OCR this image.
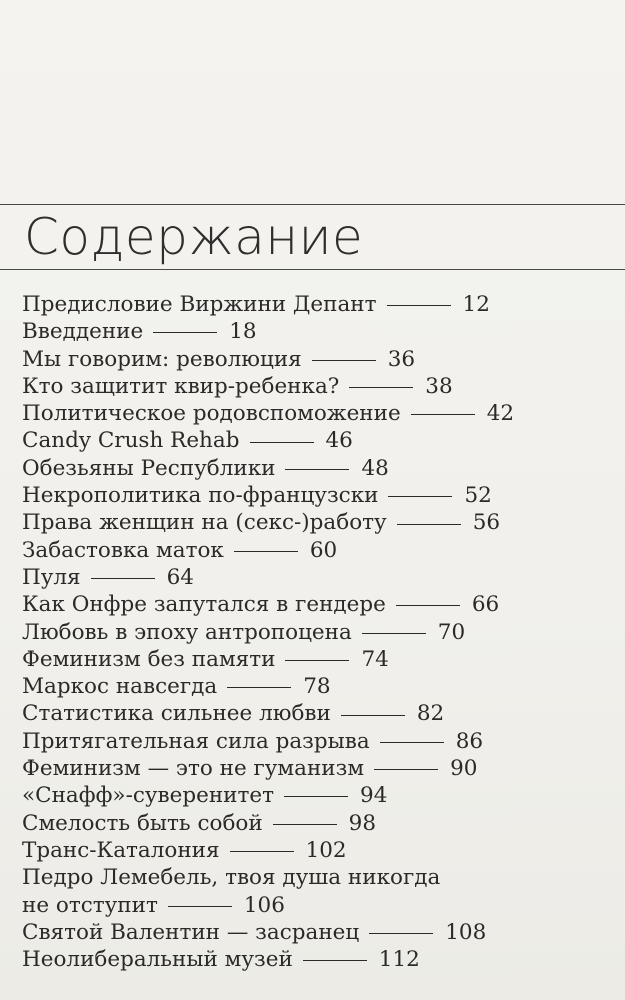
Содержание
Предисловие Виржини Депант	12
Введдение	18
Мы говорим: революция	36
Кто защитит квир-ребенка?	38
Политическое родовспоможение	42
Candy Crush Rehab	46
Обезьяны Республики	48
Некрополитика по-французски	52
Права женщин на (секс-)работу	56
Забастовка маток	60
Пуля	64
Как Онфре запутался в гендере	66
Любовь в эпоху антропоцена	70
Феминизм без памяти	74
Маркос навсегда	78
Статистика сильнее любви	82
Притягательная сила разрыва	86
Феминизм — это не гуманизм	90
«Снафф»-суверенитет	94
Смелость быть собой	98
Транс-Каталония	102
Педро Лемебель, твоя душа никогда
не отступит	106
Святой Валентин — засранец	108
Неолиберальный музей	112
